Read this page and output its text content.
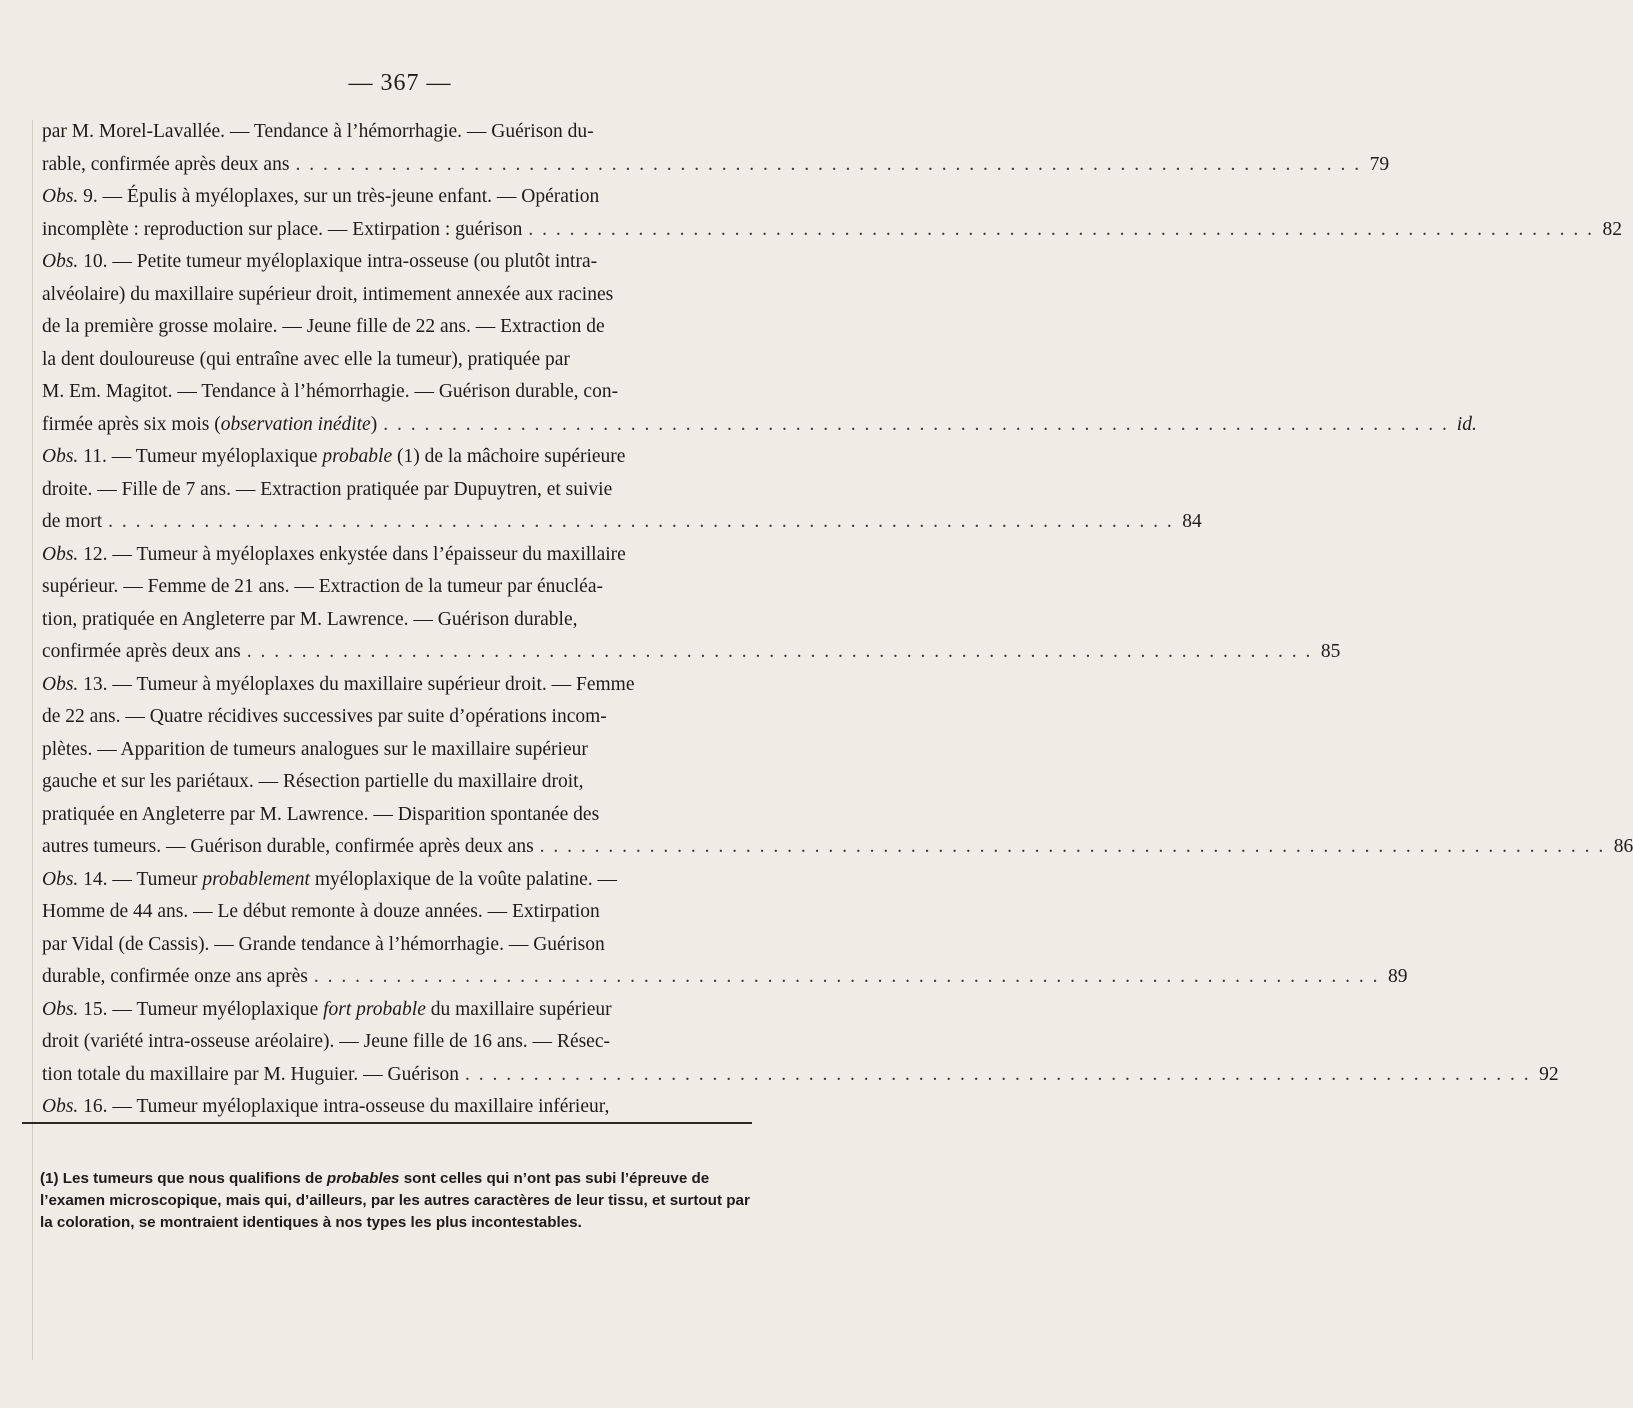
— 367 —
par M. Morel-Lavallée. — Tendance à l’hémorrhagie. — Guérison du-
rable, confirmée après deux ans . . .	79
Obs. 9. — Épulis à myéloplaxes, sur un très-jeune enfant. — Opération
incomplète : reproduction sur place. — Extirpation : guérison . . .	82
Obs. 10. — Petite tumeur myéloplaxique intra-osseuse (ou plutôt intra-
alvéolaire) du maxillaire supérieur droit, intimement annexée aux racines
de la première grosse molaire. — Jeune fille de 22 ans. — Extraction de
la dent douloureuse (qui entraîne avec elle la tumeur), pratiquée par
M. Em. Magitot. — Tendance à l’hémorrhagie. — Guérison durable, con-
firmée après six mois (observation inédite) . . .	id.
Obs. 11. — Tumeur myéloplaxique probable (1) de la mâchoire supérieure
droite. — Fille de 7 ans. — Extraction pratiquée par Dupuytren, et suivie
de mort . . .	84
Obs. 12. — Tumeur à myéloplaxes enkystée dans l’épaisseur du maxillaire
supérieur. — Femme de 21 ans. — Extraction de la tumeur par énucléa-
tion, pratiquée en Angleterre par M. Lawrence. — Guérison durable,
confirmée après deux ans . . .	85
Obs. 13. — Tumeur à myéloplaxes du maxillaire supérieur droit. — Femme
de 22 ans. — Quatre récidives successives par suite d’opérations incom-
plètes. — Apparition de tumeurs analogues sur le maxillaire supérieur
gauche et sur les pariétaux. — Résection partielle du maxillaire droit,
pratiquée en Angleterre par M. Lawrence. — Disparition spontanée des
autres tumeurs. — Guérison durable, confirmée après deux ans . . .	86
Obs. 14. — Tumeur probablement myéloplaxique de la voûte palatine. —
Homme de 44 ans. — Le début remonte à douze années. — Extirpation
par Vidal (de Cassis). — Grande tendance à l’hémorrhagie. — Guérison
durable, confirmée onze ans après . . .	89
Obs. 15. — Tumeur myéloplaxique fort probable du maxillaire supérieur
droit (variété intra-osseuse aréolaire). — Jeune fille de 16 ans. — Résec-
tion totale du maxillaire par M. Huguier. — Guérison . . .	92
Obs. 16. — Tumeur myéloplaxique intra-osseuse du maxillaire inférieur,
(1) Les tumeurs que nous qualifions de probables sont celles qui n’ont pas subi l’épreuve de
l’examen microscopique, mais qui, d’ailleurs, par les autres caractères de leur tissu, et surtout par
la coloration, se montraient identiques à nos types les plus incontestables.
